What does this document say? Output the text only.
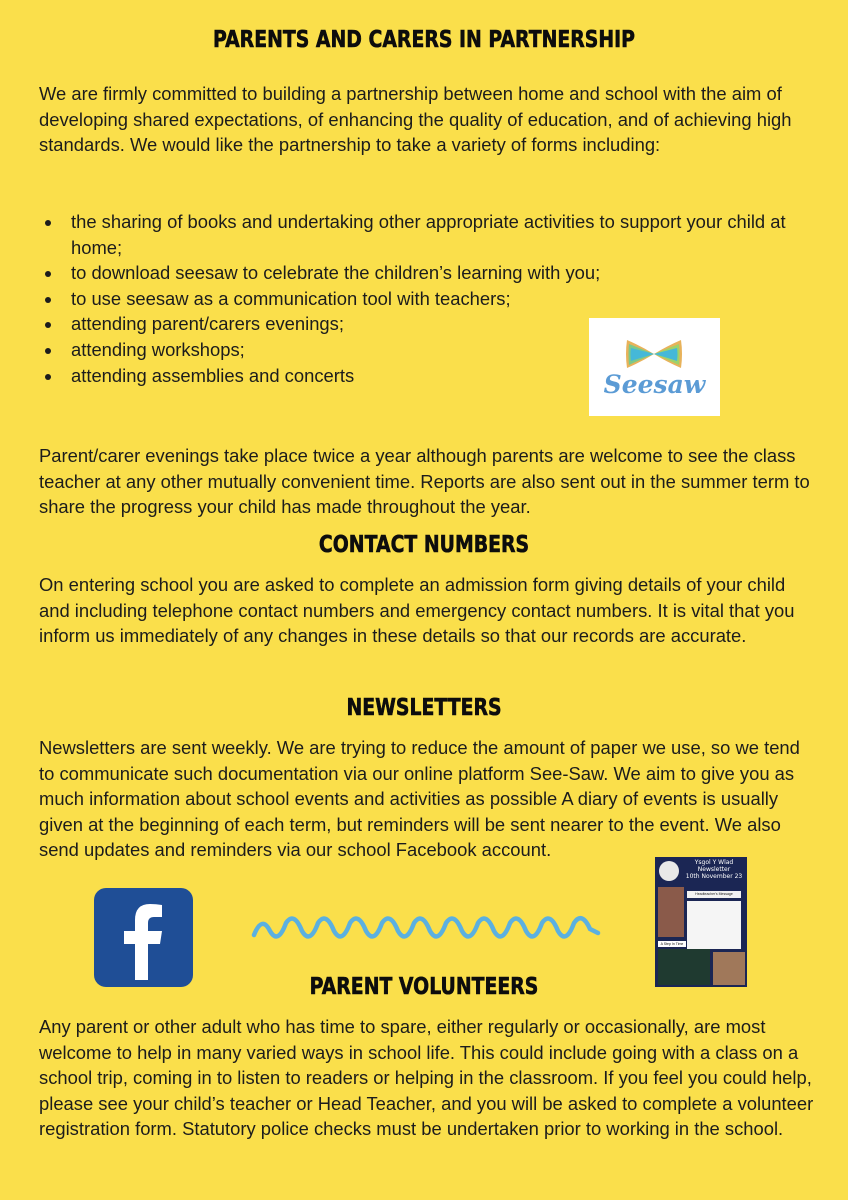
PARENTS AND CARERS IN PARTNERSHIP

We are firmly committed to building a partnership between home and school with the aim of developing shared expectations, of enhancing the quality of education, and of achieving high standards. We would like the partnership to take a variety of forms including:

the sharing of books and undertaking other appropriate activities to support your child at home;
to download seesaw to celebrate the children’s learning with you;
to use seesaw as a communication tool with teachers;
attending parent/carers evenings;
attending workshops;
attending assemblies and concerts	Seesaw

Parent/carer evenings take place twice a year although parents are welcome to see the class teacher at any other mutually convenient time. Reports are also sent out in the summer term to share the progress your child has made throughout the year.

CONTACT NUMBERS

On entering school you are asked to complete an admission form giving details of your child and including telephone contact numbers and emergency contact numbers. It is vital that you inform us immediately of any changes in these details so that our records are accurate.

NEWSLETTERS

Newsletters are sent weekly. We are trying to reduce the amount of paper we use, so we tend to communicate such documentation via our online platform See-Saw. We aim to give you as much information about school events and activities as possible A diary of events is usually given at the beginning of each term, but reminders will be sent nearer to the event. We also send updates and reminders via our school Facebook account.

Ysgol Y Wlad
Newsletter
10th November 23
Headteacher's Message
A Step In Time
PARENT VOLUNTEERS

Any parent or other adult who has time to spare, either regularly or occasionally, are most welcome to help in many varied ways in school life. This could include going with a class on a school trip, coming in to listen to readers or helping in the classroom. If you feel you could help, please see your child’s teacher or Head Teacher, and you will be asked to complete a volunteer registration form. Statutory police checks must be undertaken prior to working in the school.
